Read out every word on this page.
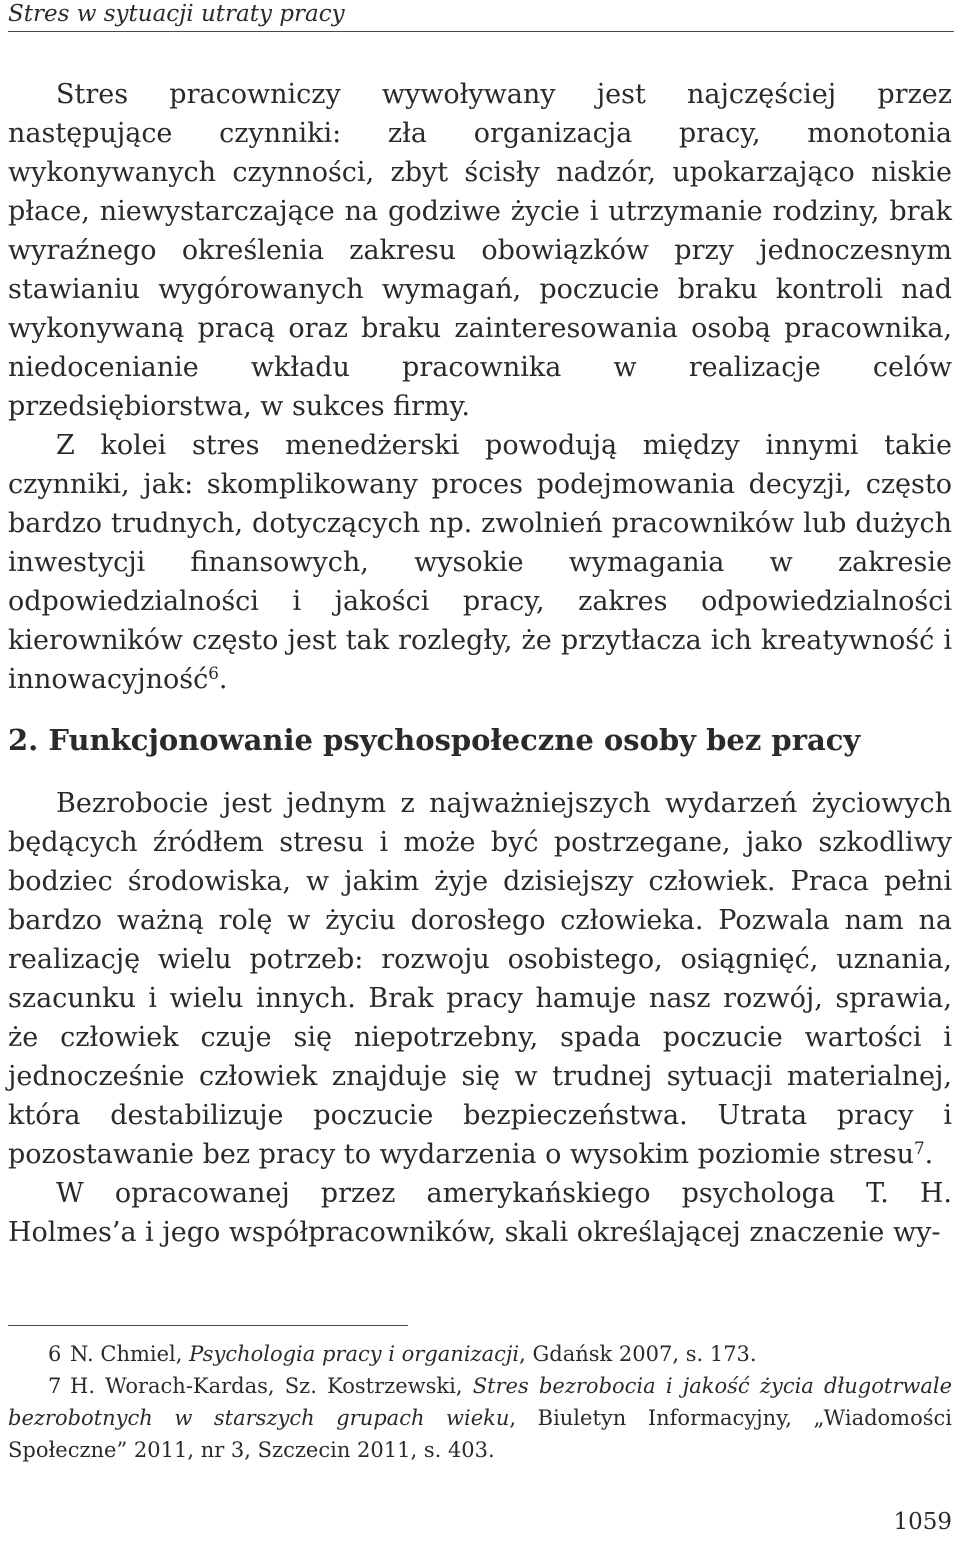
Stres w sytuacji utraty pracy

Stres pracowniczy wywoływany jest najczęściej przez następujące czynniki: zła organizacja pracy, monotonia wykonywanych czynności, zbyt ścisły nadzór, upokarzająco niskie płace, niewystarczające na godziwe życie i utrzymanie rodziny, brak wyraźnego określenia zakresu obowiązków przy jednoczesnym stawianiu wygórowanych wymagań, poczucie braku kontroli nad wykonywaną pracą oraz braku zainteresowania osobą pracownika, niedocenianie wkładu pracownika w realizacje celów przedsiębiorstwa, w sukces firmy.

Z kolei stres menedżerski powodują między innymi takie czynniki, jak: skomplikowany proces podejmowania decyzji, często bardzo trudnych, dotyczących np. zwolnień pracowników lub dużych inwestycji finansowych, wysokie wymagania w zakresie odpowiedzialności i jakości pracy, zakres odpowiedzialności kierowników często jest tak rozległy, że przytłacza ich kreatywność i innowacyjność$^6$.

2. Funkcjonowanie psychospołeczne osoby bez pracy

Bezrobocie jest jednym z najważniejszych wydarzeń życiowych będących źródłem stresu i może być postrzegane, jako szkodliwy bodziec środowiska, w jakim żyje dzisiejszy człowiek. Praca pełni bardzo ważną rolę w życiu dorosłego człowieka. Pozwala nam na realizację wielu potrzeb: rozwoju osobistego, osiągnięć, uznania, szacunku i wielu innych. Brak pracy hamuje nasz rozwój, sprawia, że człowiek czuje się niepotrzebny, spada poczucie wartości i jednocześnie człowiek znajduje się w trudnej sytuacji materialnej, która destabilizuje poczucie bezpieczeństwa. Utrata pracy i pozostawanie bez pracy to wydarzenia o wysokim poziomie stresu$^7$.

W opracowanej przez amerykańskiego psychologa T. H. Holmes’a i jego współpracowników, skali określającej znaczenie wy-

6 N. Chmiel, Psychologia pracy i organizacji, Gdańsk 2007, s. 173.

7 H. Worach-Kardas, Sz. Kostrzewski, Stres bezrobocia i jakość życia długotrwale bezrobotnych w starszych grupach wieku, Biuletyn Informacyjny, „Wiadomości Społeczne” 2011, nr 3, Szczecin 2011, s. 403.

1059
